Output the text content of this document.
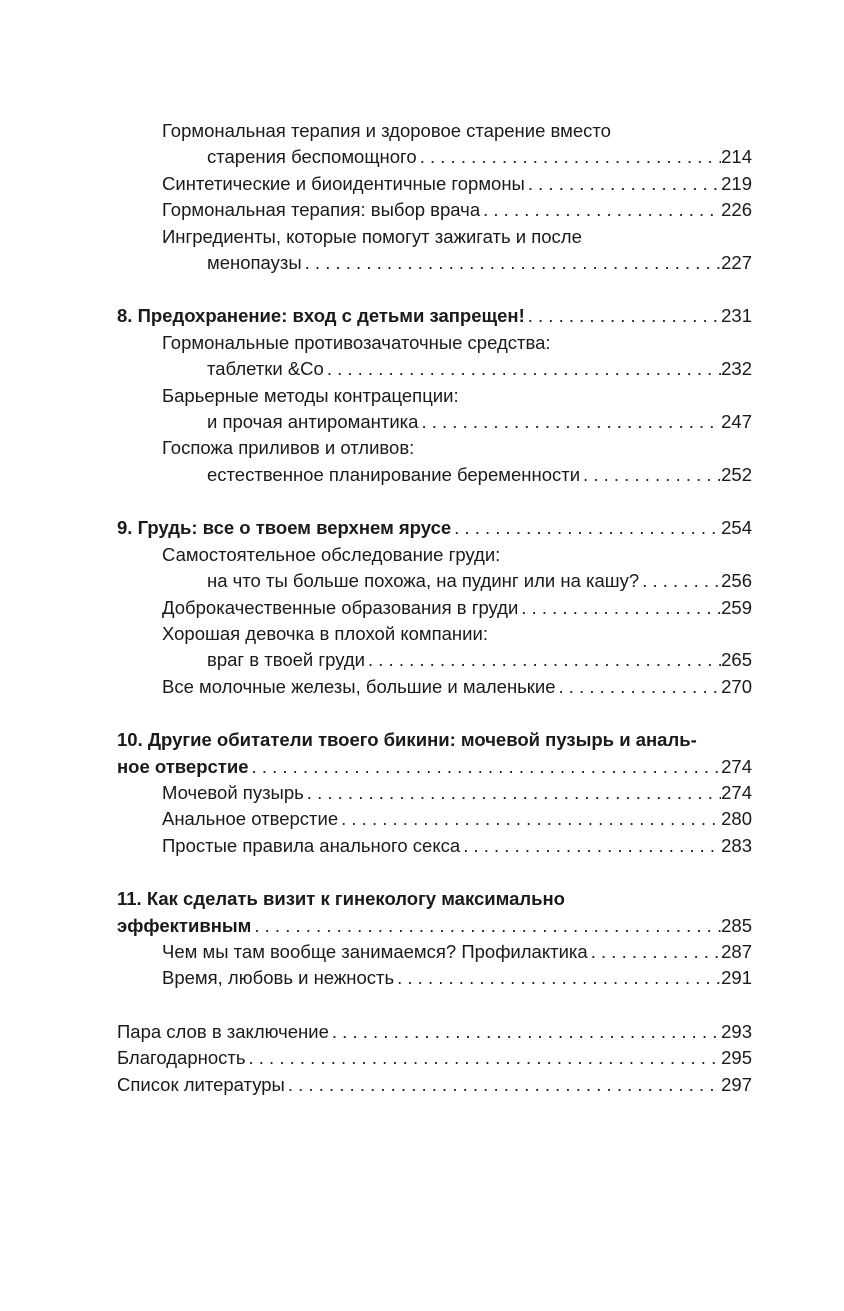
Гормональная терапия и здоровое старение вместо
старения беспомощного . . .	214
Синтетические и биоидентичные гормоны . . .	219
Гормональная терапия: выбор врача . . .	226
Ингредиенты, которые помогут зажигать и после
менопаузы . . .	227
8. Предохранение: вход с детьми запрещен! . . .	231
Гормональные противозачаточные средства:
таблетки &Co . . .	232
Барьерные методы контрацепции:
и прочая антиромантика . . .	247
Госпожа приливов и отливов:
естественное планирование беременности . . .	252
9. Грудь: все о твоем верхнем ярусе . . .	254
Самостоятельное обследование груди:
на что ты больше похожа, на пудинг или на кашу? . . .	256
Доброкачественные образования в груди . . .	259
Хорошая девочка в плохой компании:
враг в твоей груди . . .	265
Все молочные железы, большие и маленькие . . .	270
10. Другие обитатели твоего бикини: мочевой пузырь и аналь-
ное отверстие . . .	274
Мочевой пузырь . . .	274
Анальное отверстие . . .	280
Простые правила анального секса . . .	283
11. Как сделать визит к гинекологу максимально
эффективным . . .	285
Чем мы там вообще занимаемся? Профилактика . . .	287
Время, любовь и нежность . . .	291
Пара слов в заключение . . .	293
Благодарность . . .	295
Список литературы . . .	297
